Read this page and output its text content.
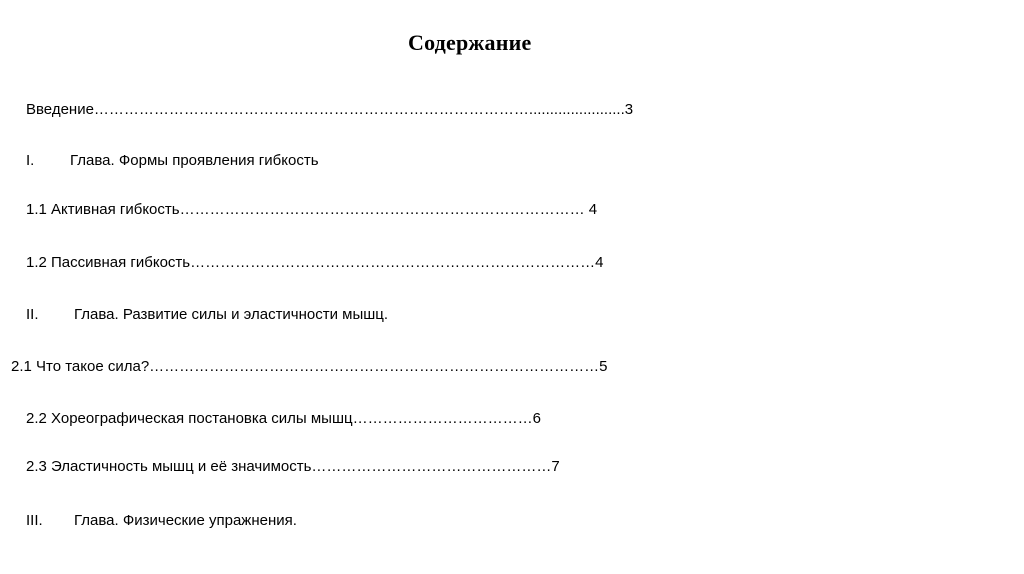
Содержание
Введение…………………………………………………………………………….......................3
I. Глава. Формы проявления гибкость
1.1 Активная гибкость……………………………………………………………………… 4
1.2 Пассивная гибкость………………………………………………………………………4
II. Глава. Развитие силы и эластичности мышц.
2.1 Что такое сила?………………………………………………………………………………5
2.2 Хореографическая постановка силы мышц………………………………6
2.3 Эластичность мышц и её значимость…………………………………………7
III. Глава. Физические упражнения.
